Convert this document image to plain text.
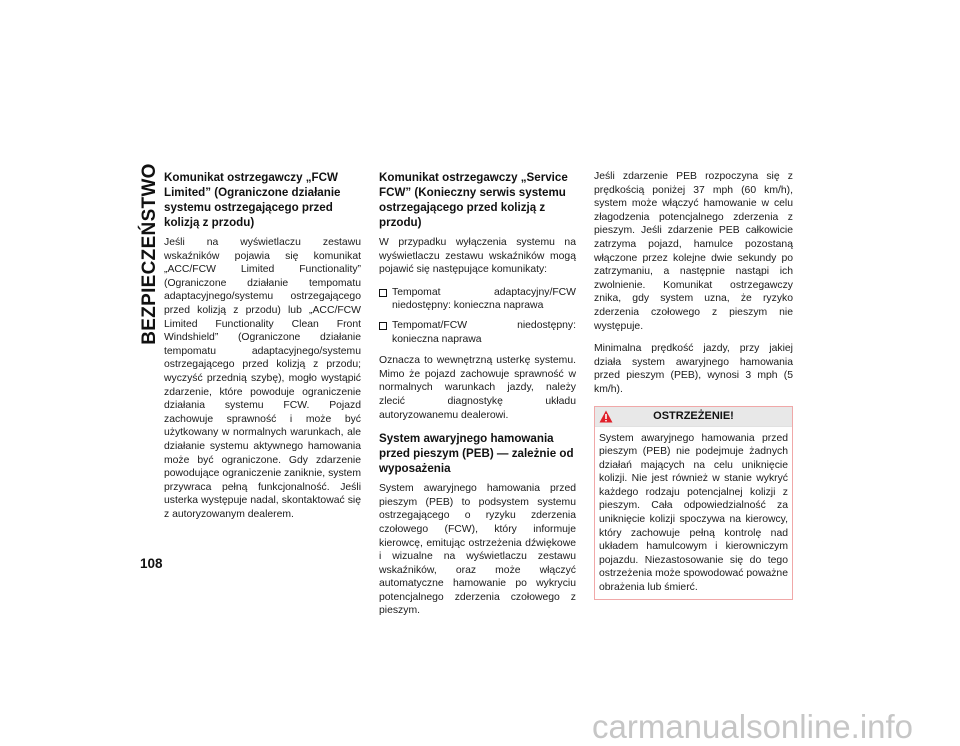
BEZPIECZEŃSTWO
108
Komunikat ostrzegawczy „FCW Limited” (Ograniczone działanie systemu ostrzegającego przed kolizją z przodu)

Jeśli na wyświetlaczu zestawu wskaźników pojawia się komunikat „ACC/FCW Limited Functionality” (Ograniczone działanie tempomatu adaptacyjnego/systemu ostrzegającego przed kolizją z przodu) lub „ACC/FCW Limited Functionality Clean Front Windshield” (Ograniczone działanie tempomatu adaptacyjnego/systemu ostrzegającego przed kolizją z przodu; wyczyść przednią szybę), mogło wystąpić zdarzenie, które powoduje ograniczenie działania systemu FCW. Pojazd zachowuje sprawność i może być użytkowany w normalnych warunkach, ale działanie systemu aktywnego hamowania może być ograniczone. Gdy zdarzenie powodujące ograniczenie zaniknie, system przywraca pełną funkcjonalność. Jeśli usterka występuje nadal, skontaktować się z autoryzowanym dealerem.

Komunikat ostrzegawczy „Service FCW” (Konieczny serwis systemu ostrzegającego przed kolizją z przodu)

W przypadku wyłączenia systemu na wyświetlaczu zestawu wskaźników mogą pojawić się następujące komunikaty:

Tempomat adaptacyjny/FCW niedostępny: konieczna naprawa
Tempomat/FCW niedostępny: konieczna naprawa

Oznacza to wewnętrzną usterkę systemu. Mimo że pojazd zachowuje sprawność w normalnych warunkach jazdy, należy zlecić diagnostykę układu autoryzowanemu dealerowi.

System awaryjnego hamowania przed pieszym (PEB) — zależnie od wyposażenia

System awaryjnego hamowania przed pieszym (PEB) to podsystem systemu ostrzegającego o ryzyku zderzenia czołowego (FCW), który informuje kierowcę, emitując ostrzeżenia dźwiękowe i wizualne na wyświetlaczu zestawu wskaźników, oraz może włączyć automatyczne hamowanie po wykryciu potencjalnego zderzenia czołowego z pieszym.

Jeśli zdarzenie PEB rozpoczyna się z prędkością poniżej 37 mph (60 km/h), system może włączyć hamowanie w celu złagodzenia potencjalnego zderzenia z pieszym. Jeśli zdarzenie PEB całkowicie zatrzyma pojazd, hamulce pozostaną włączone przez kolejne dwie sekundy po zatrzymaniu, a następnie nastąpi ich zwolnienie. Komunikat ostrzegawczy znika, gdy system uzna, że ryzyko zderzenia czołowego z pieszym nie występuje.

Minimalna prędkość jazdy, przy jakiej działa system awaryjnego hamowania przed pieszym (PEB), wynosi 3 mph (5 km/h).

OSTRZEŻENIE!

System awaryjnego hamowania przed pieszym (PEB) nie podejmuje żadnych działań mających na celu uniknięcie kolizji. Nie jest również w stanie wykryć każdego rodzaju potencjalnej kolizji z pieszym. Cała odpowiedzialność za uniknięcie kolizji spoczywa na kierowcy, który zachowuje pełną kontrolę nad układem hamulcowym i kierowniczym pojazdu. Niezastosowanie się do tego ostrzeżenia może spowodować poważne obrażenia lub śmierć.

carmanualsonline.info
